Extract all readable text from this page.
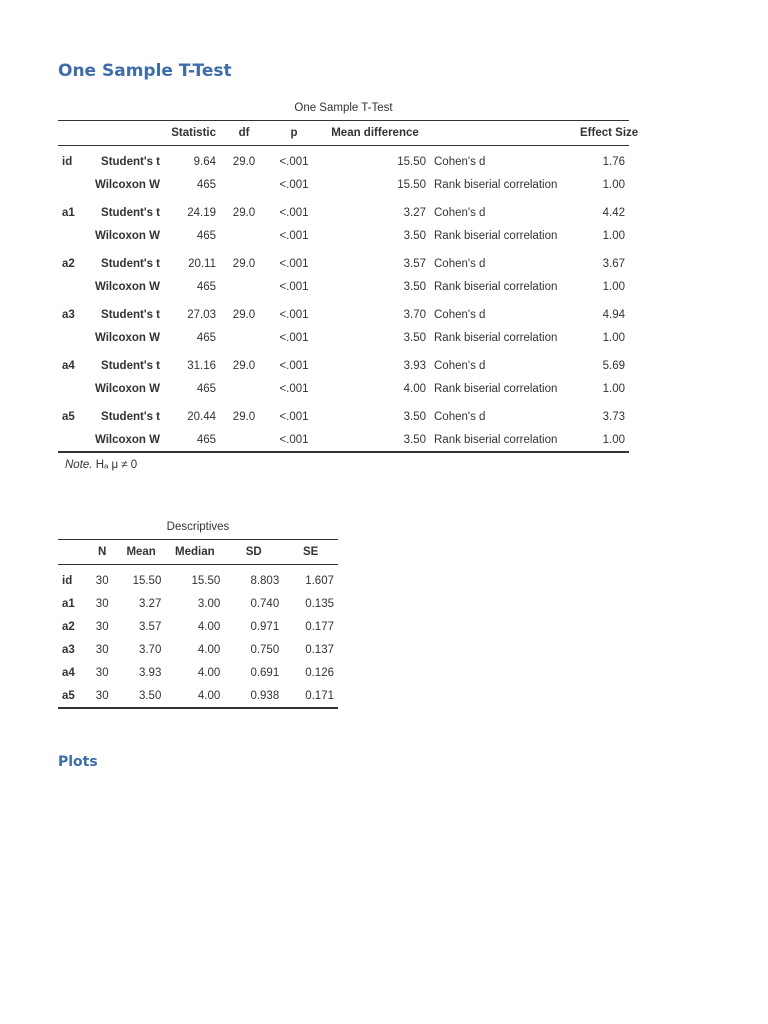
One Sample T-Test
One Sample T-Test
		Statistic	df	p	Mean difference		Effect Size
id	Student's t	9.64	29.0	<.001	15.50	Cohen's d	1.76
	Wilcoxon W	465		<.001	15.50	Rank biserial correlation	1.00
a1	Student's t	24.19	29.0	<.001	3.27	Cohen's d	4.42
	Wilcoxon W	465		<.001	3.50	Rank biserial correlation	1.00
a2	Student's t	20.11	29.0	<.001	3.57	Cohen's d	3.67
	Wilcoxon W	465		<.001	3.50	Rank biserial correlation	1.00
a3	Student's t	27.03	29.0	<.001	3.70	Cohen's d	4.94
	Wilcoxon W	465		<.001	3.50	Rank biserial correlation	1.00
a4	Student's t	31.16	29.0	<.001	3.93	Cohen's d	5.69
	Wilcoxon W	465		<.001	4.00	Rank biserial correlation	1.00
a5	Student's t	20.44	29.0	<.001	3.50	Cohen's d	3.73
	Wilcoxon W	465		<.001	3.50	Rank biserial correlation	1.00
Note. Hₐ μ ≠ 0
Descriptives
	N	Mean	Median	SD	SE
id	30	15.50	15.50	8.803	1.607
a1	30	3.27	3.00	0.740	0.135
a2	30	3.57	4.00	0.971	0.177
a3	30	3.70	4.00	0.750	0.137
a4	30	3.93	4.00	0.691	0.126
a5	30	3.50	4.00	0.938	0.171
Plots
